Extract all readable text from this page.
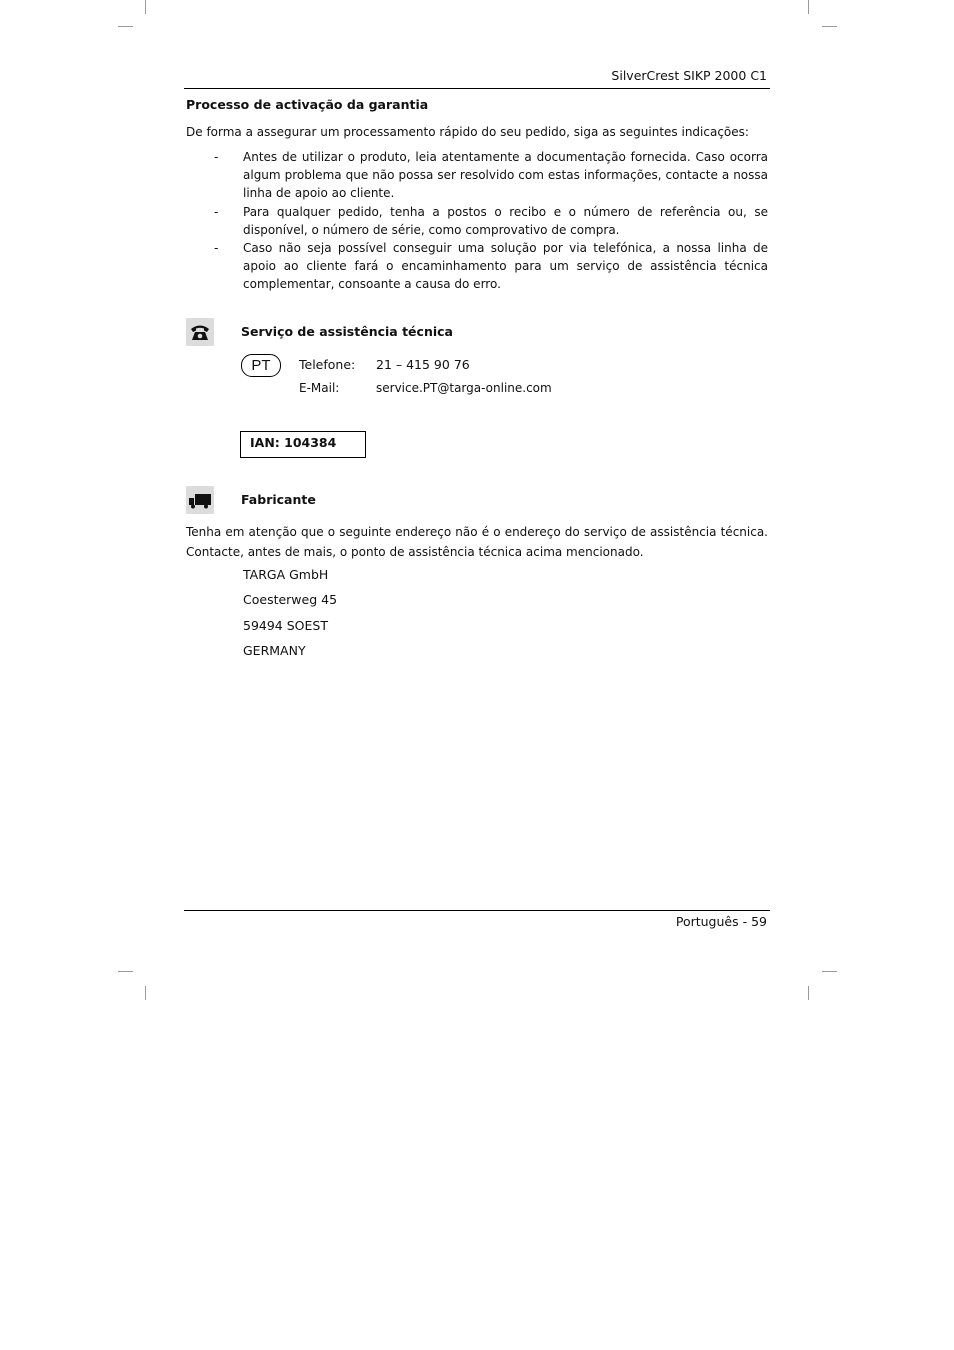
SilverCrest SIKP 2000 C1
Processo de activação da garantia
De forma a assegurar um processamento rápido do seu pedido, siga as seguintes indicações:
- Antes de utilizar o produto, leia atentamente a documentação fornecida. Caso ocorra algum problema que não possa ser resolvido com estas informações, contacte a nossa linha de apoio ao cliente.
- Para qualquer pedido, tenha a postos o recibo e o número de referência ou, se disponível, o número de série, como comprovativo de compra.
- Caso não seja possível conseguir uma solução por via telefónica, a nossa linha de apoio ao cliente fará o encaminhamento para um serviço de assistência técnica complementar, consoante a causa do erro.
Serviço de assistência técnica
PT	Telefone: 21 – 415 90 76
E-Mail:	service.PT@targa-online.com
IAN: 104384
Fabricante
Tenha em atenção que o seguinte endereço não é o endereço do serviço de assistência técnica. Contacte, antes de mais, o ponto de assistência técnica acima mencionado.
TARGA GmbH
Coesterweg 45
59494 SOEST
GERMANY
Português - 59
